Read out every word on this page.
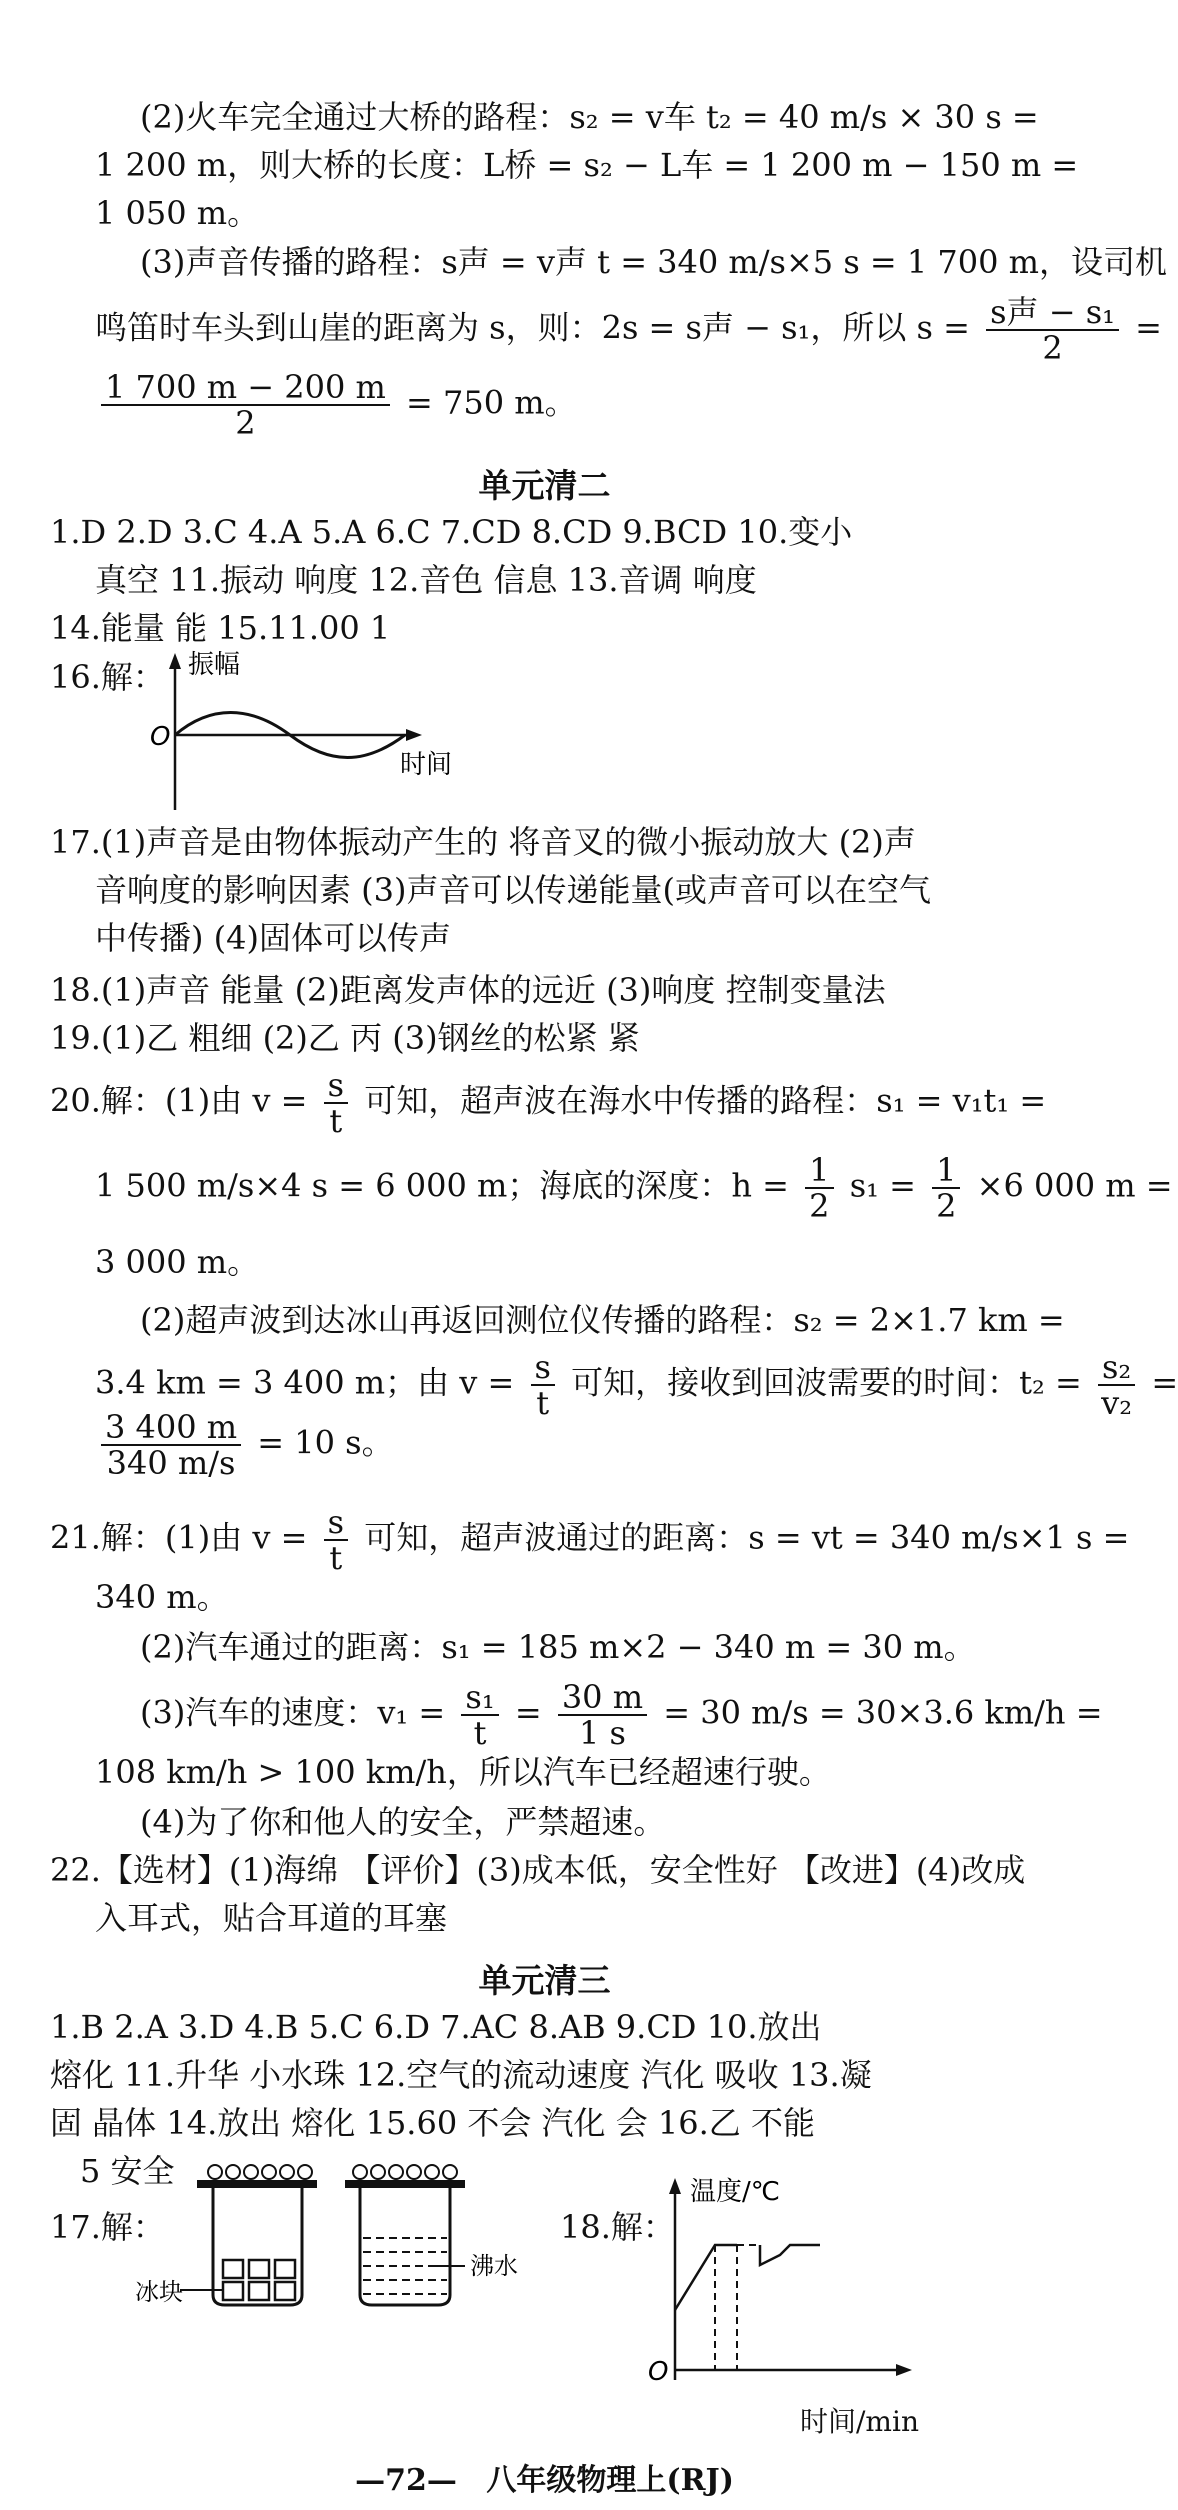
(2)火车完全通过大桥的路程：s₂ = v车 t₂ = 40 m/s × 30 s =
1 200 m，则大桥的长度：L桥 = s₂ − L车 = 1 200 m − 150 m =
1 050 m。
(3)声音传播的路程：s声 = v声 t = 340 m/s×5 s = 1 700 m，设司机
鸣笛时车头到山崖的距离为 s，则：2s = s声 − s₁，所以 $s = \frac{\text{s声 − s₁}}{2}$ =
$\frac{1 700 m - 200 m}{2} = 750$ m。
单元清二
1.D 2.D 3.C 4.A 5.A 6.C 7.CD 8.CD 9.BCD 10.变小
真空 11.振动 响度 12.音色 信息 13.音调 响度
14.能量 能 15.11.00 1
16.解： 振幅
O
时间
17.(1)声音是由物体振动产生的 将音叉的微小振动放大 (2)声
音响度的影响因素 (3)声音可以传递能量(或声音可以在空气
中传播) (4)固体可以传声
18.(1)声音 能量 (2)距离发声体的远近 (3)响度 控制变量法
19.(1)乙 粗细 (2)乙 丙 (3)钢丝的松紧 紧
20.解：(1)由 $v = \frac{s}{t}$ 可知，超声波在海水中传播的路程：s₁ = v₁t₁ =
1 500 m/s×4 s = 6 000 m；海底的深度：$h = \frac{1}{2} s_1 = \frac{1}{2} \times 6$ 000 m =
3 000 m。
(2)超声波到达冰山再返回测位仪传播的路程：s₂ = 2×1.7 km =
3.4 km = 3 400 m；由 $v = \frac{s}{t}$ 可知，接收到回波需要的时间：$t_2 = \frac{\text{s₂}}{\text{v₂}}$ =
$\frac{3 400 m}{340 m/s} = 10$ s。
21.解：(1)由 $v = \frac{s}{t}$ 可知，超声波通过的距离：s = vt = 340 m/s×1 s =
340 m。
(2)汽车通过的距离：s₁ = 185 m×2 − 340 m = 30 m。
(3)汽车的速度：$v_1 = \frac{\text{s₁}}{t} = \frac{30 m}{1 s} = 30$ m/s = 30×3.6 km/h =
108 km/h > 100 km/h，所以汽车已经超速行驶。
(4)为了你和他人的安全，严禁超速。
22.【选材】(1)海绵 【评价】(3)成本低，安全性好 【改进】(4)改成
入耳式，贴合耳道的耳塞
单元清三
1.B 2.A 3.D 4.B 5.C 6.D 7.AC 8.AB 9.CD 10.放出
熔化 11.升华 小水珠 12.空气的流动速度 汽化 吸收 13.凝
固 晶体 14.放出 熔化 15.60 不会 汽化 会 16.乙 不能
5 安全
17.解：
冰块
沸水
18.解：
温度/℃
O
时间/min
—72— 八年级物理上(RJ)
